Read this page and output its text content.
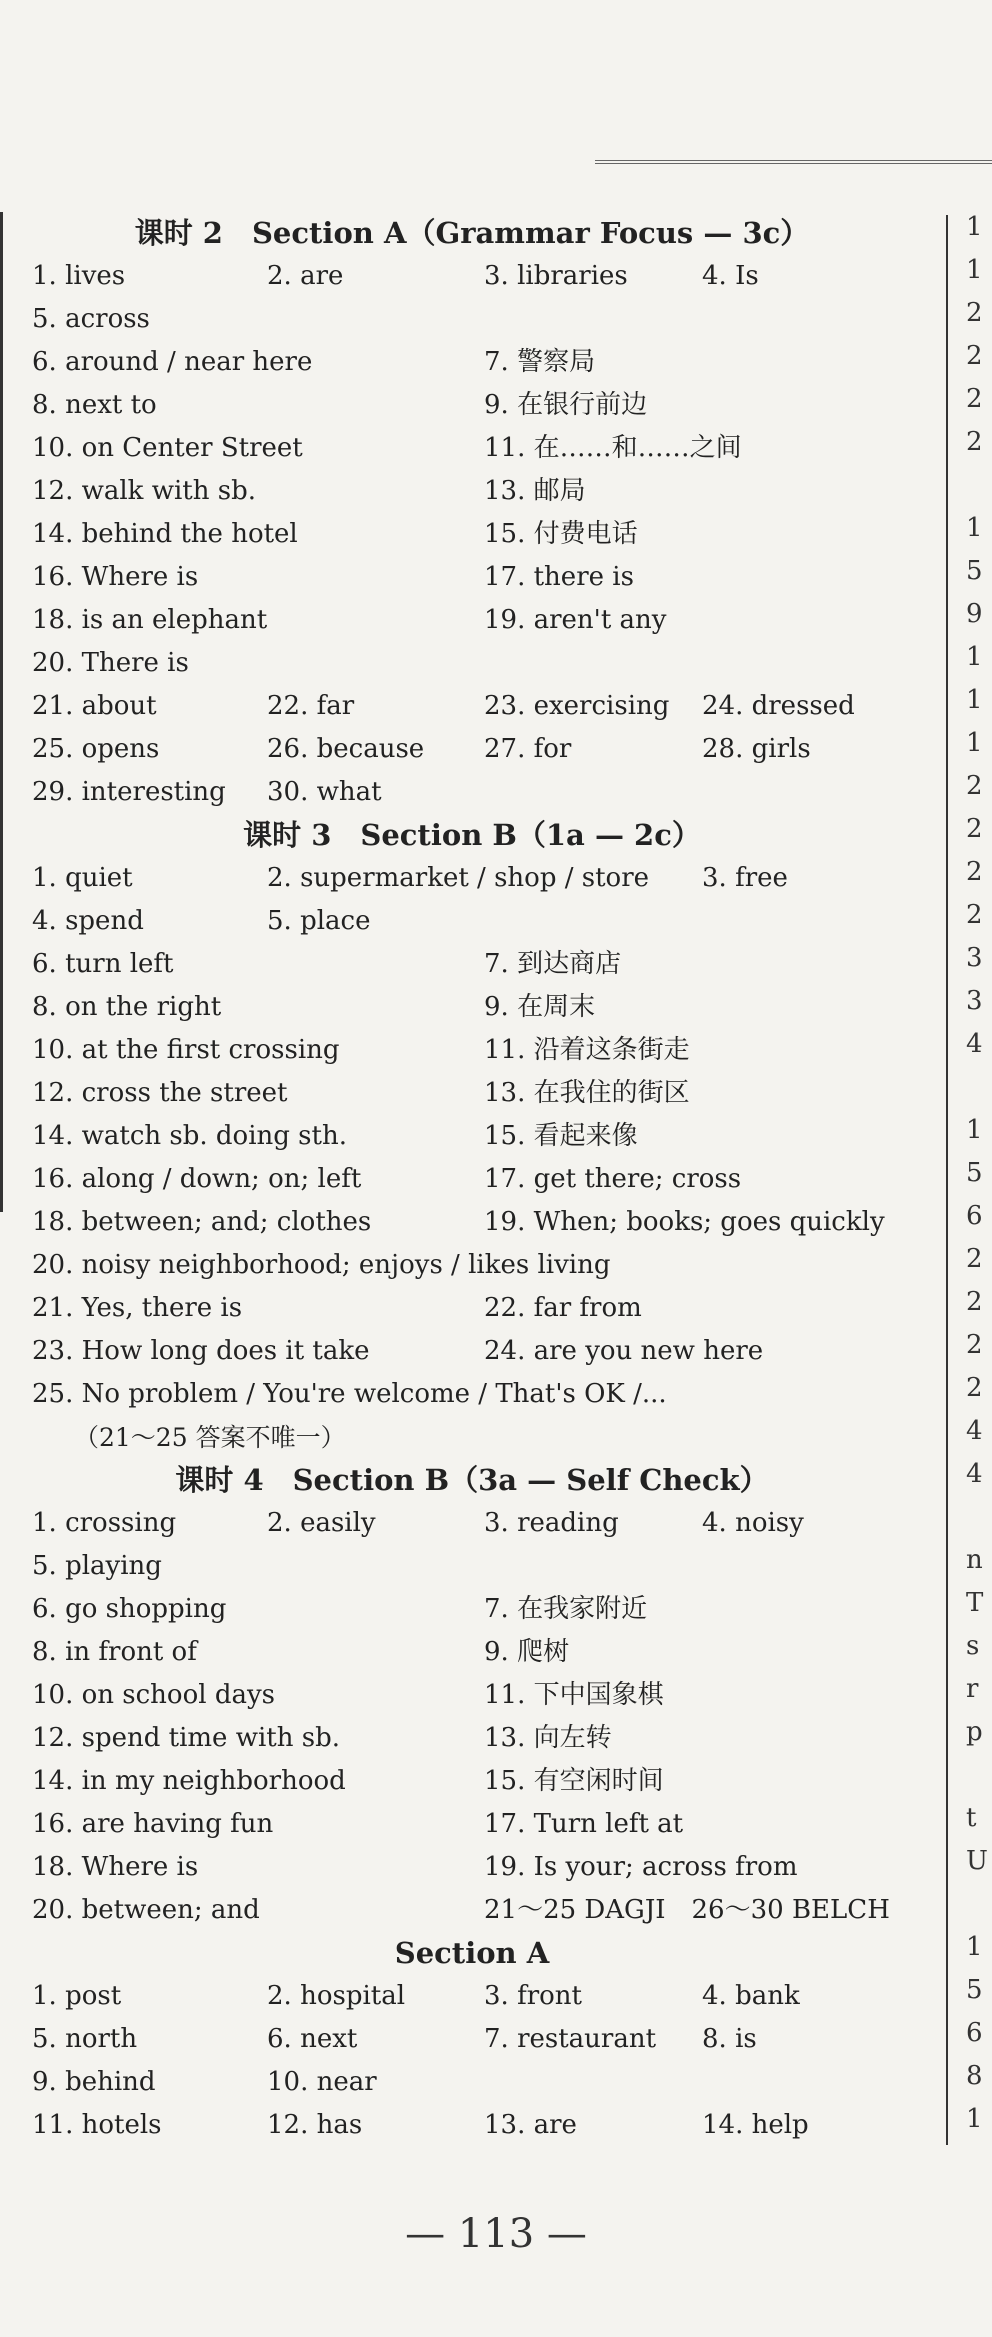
课时 2　Section A（Grammar Focus — 3c）
1. lives	2. are	3. libraries	4. Is
5. across
6. around / near here	7. 警察局
8. next to	9. 在银行前边
10. on Center Street	11. 在……和……之间
12. walk with sb.	13. 邮局
14. behind the hotel	15. 付费电话
16. Where is	17. there is
18. is an elephant	19. aren't any
20. There is
21. about	22. far	23. exercising 24. dressed
25. opens	26. because 27. for	28. girls
29. interesting 30. what
课时 3　Section B（1a — 2c）
1. quiet	2. supermarket / shop / store 3. free
4. spend	5. place
6. turn left	7. 到达商店
8. on the right	9. 在周末
10. at the first crossing	11. 沿着这条街走
12. cross the street	13. 在我住的街区
14. watch sb. doing sth.	15. 看起来像
16. along / down; on; left	17. get there; cross
18. between; and; clothes	19. When; books; goes quickly
20. noisy neighborhood; enjoys / likes living
21. Yes, there is	22. far from
23. How long does it take	24. are you new here
25. No problem / You're welcome / That's OK /...
（21～25 答案不唯一）
课时 4　Section B（3a — Self Check）
1. crossing	2. easily	3. reading	4. noisy
5. playing
6. go shopping	7. 在我家附近
8. in front of	9. 爬树
10. on school days	11. 下中国象棋
12. spend time with sb.	13. 向左转
14. in my neighborhood	15. 有空闲时间
16. are having fun	17. Turn left at
18. Where is	19. Is your; across from
20. between; and	21～25 DAGJI　26～30 BELCH
Section A
1. post	2. hospital	3. front	4. bank
5. north	6. next	7. restaurant 8. is
9. behind	10. near
11. hotels	12. has	13. are	14. help
1
1
2
2
2
2
1
5
9
1
1
1
2
2
2
2
3
3
4
1
5
6
2
2
2
2
4
4
n
T
s
r
p
t
U
1
5
6
8
1
— 113 —
